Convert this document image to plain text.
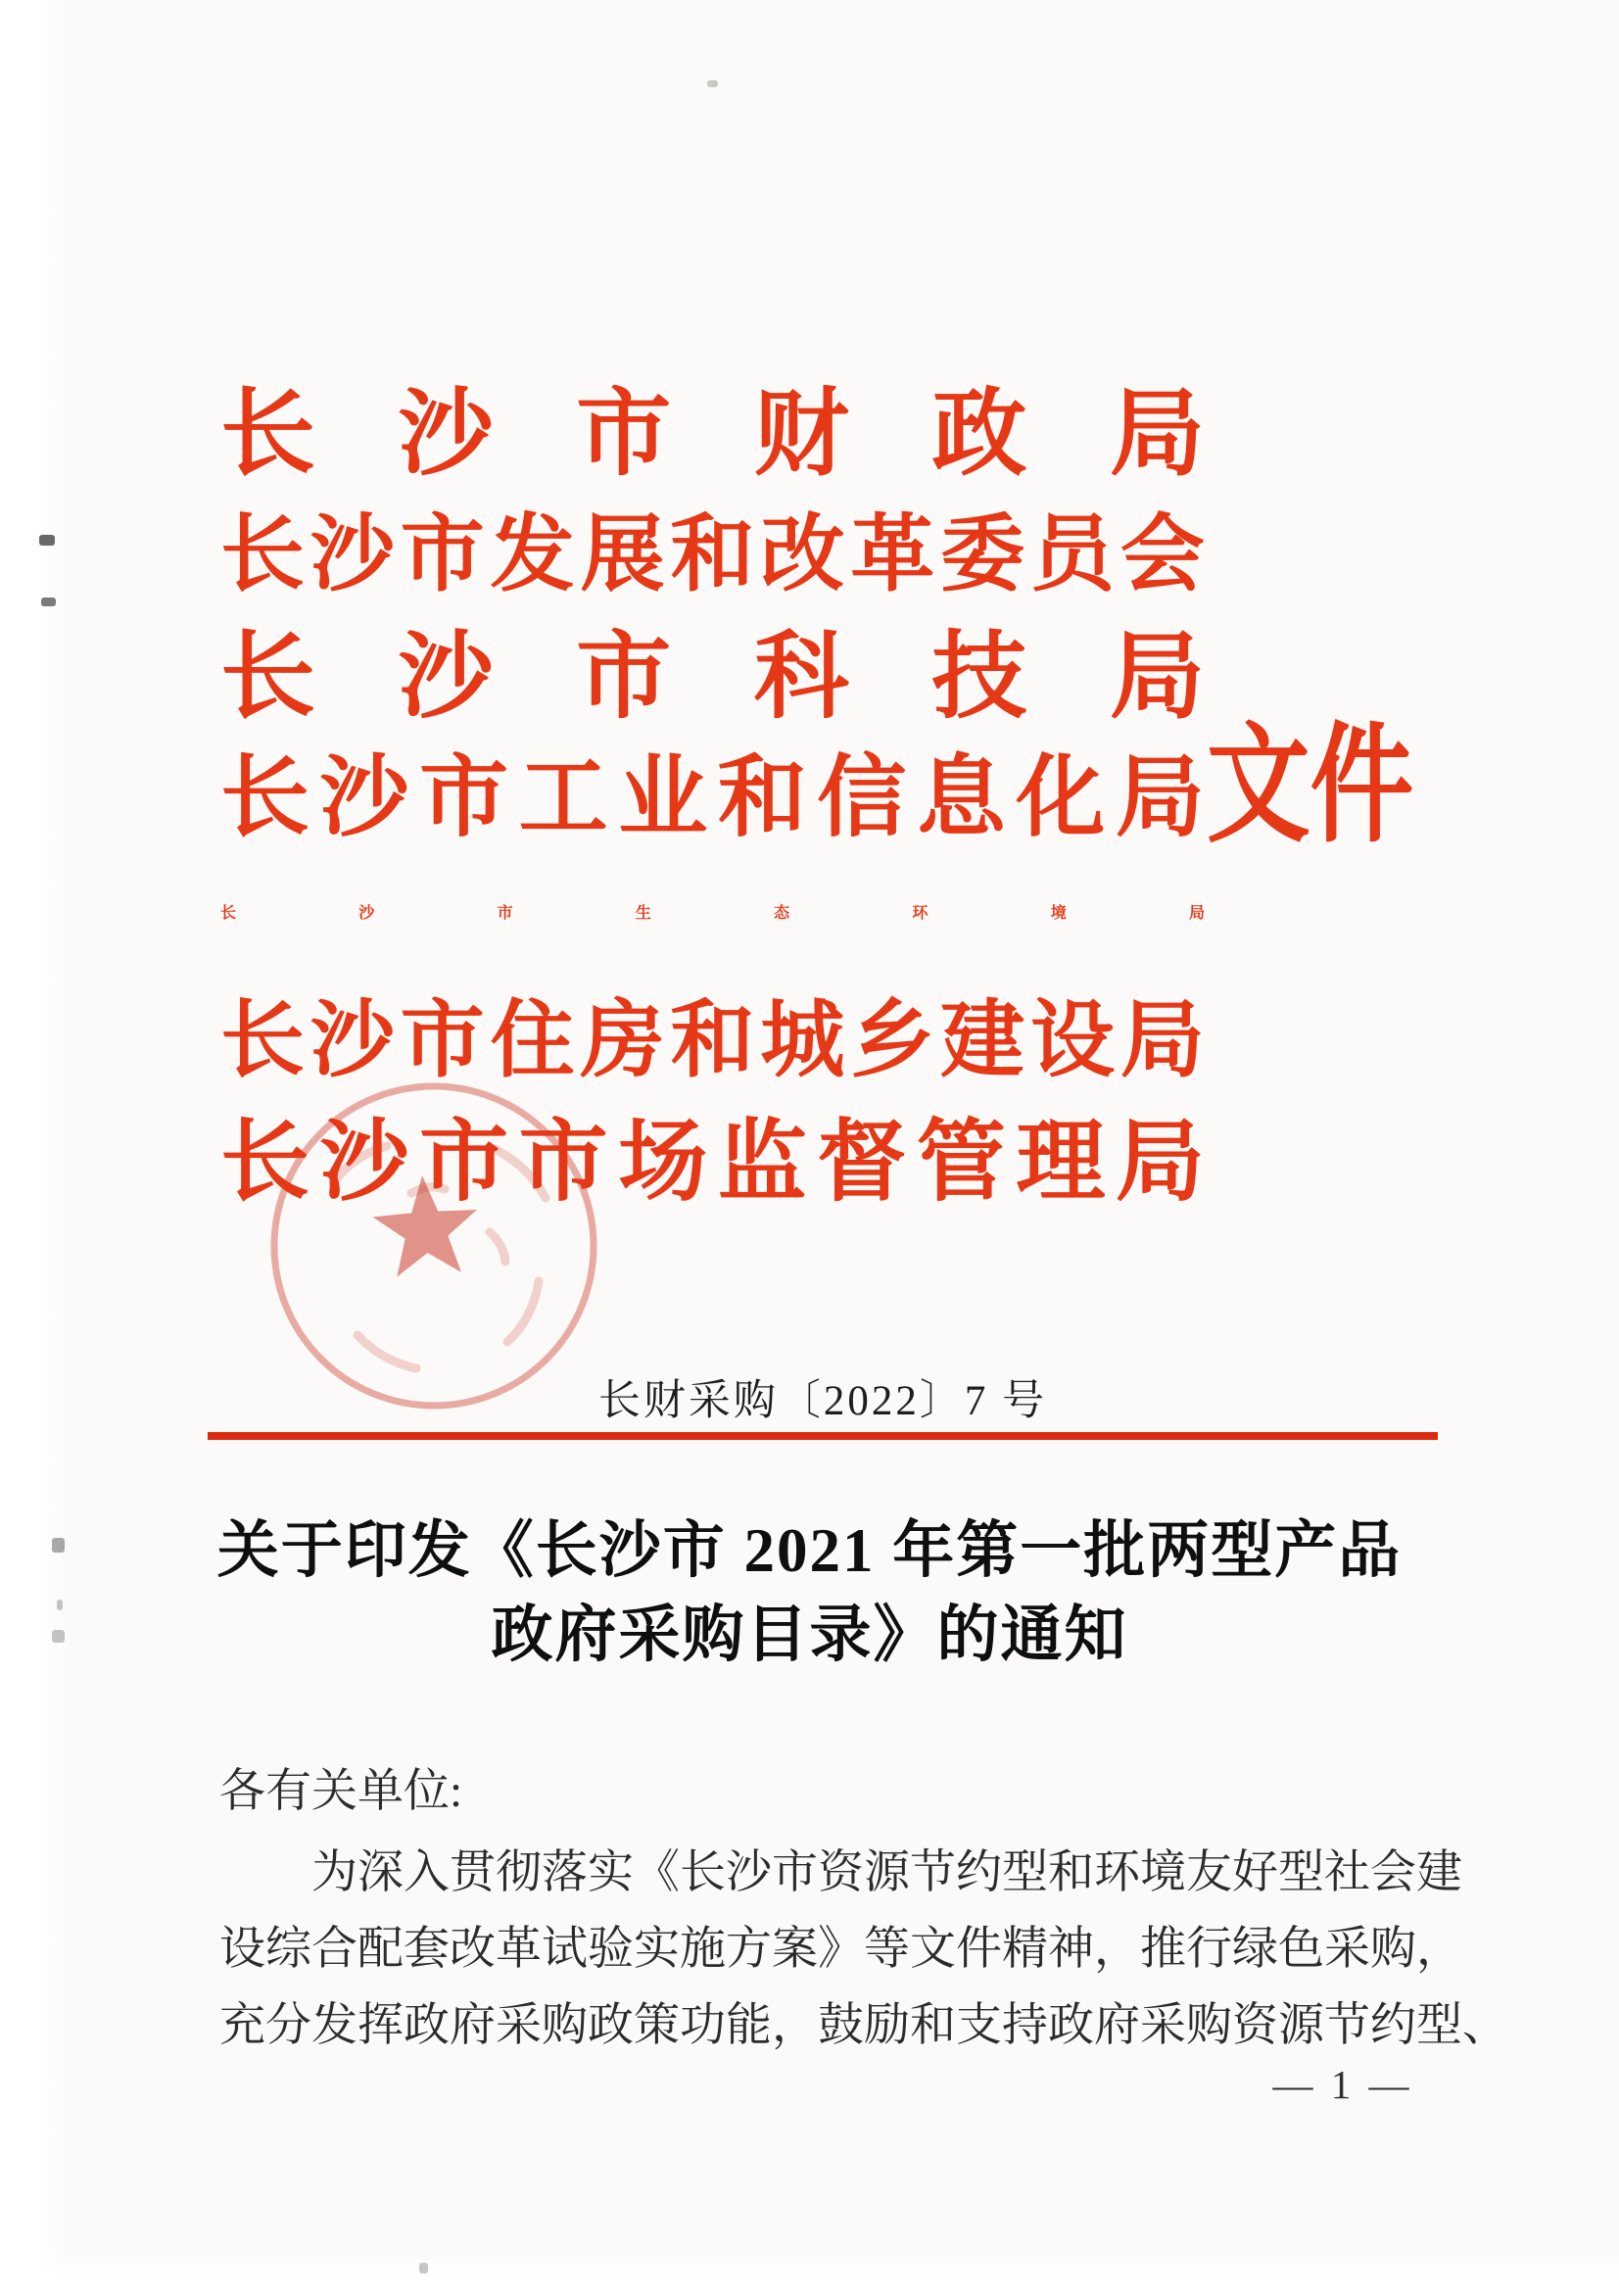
长 沙 市 财 政 局
长 沙 市 发 展 和 改 革 委 员 会
长 沙 市 科 技 局
长 沙 市 工 业 和 信 息 化 局
长	沙	市	生	态	环	境	局
长 沙 市 住 房 和 城 乡 建 设 局
长 沙 市 市 场 监 督 管 理 局
文件
长财采购〔2022〕7 号
关于印发《长沙市 2021 年第一批两型产品
政府采购目录》的通知
各有关单位:
为 深 入 贯 彻 落 实 《 长 沙 市 资 源 节 约 型 和 环 境 友 好 型 社 会 建
设 综 合 配 套 改 革 试 验 实 施 方 案 》 等 文 件 精 神 ， 推 行 绿 色 采 购 ，
充 分 发 挥 政 府 采 购 政 策 功 能 ， 鼓 励 和 支 持 政 府 采 购 资 源 节 约 型 、
— 1 —
